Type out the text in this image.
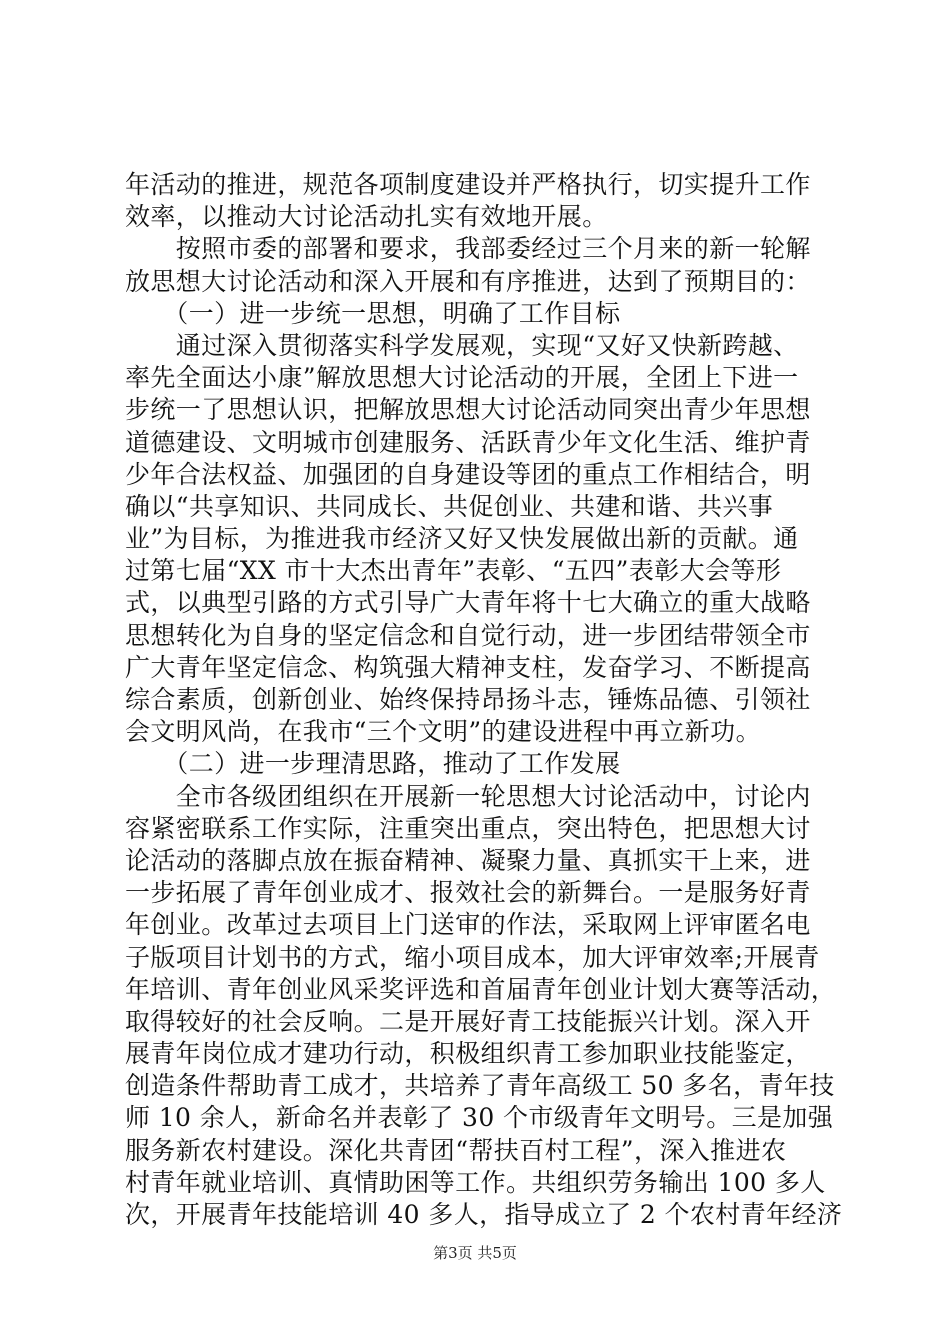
年活动的推进，规范各项制度建设并严格执行，切实提升工作
效率，以推动大讨论活动扎实有效地开展。
　　按照市委的部署和要求，我部委经过三个月来的新一轮解
放思想大讨论活动和深入开展和有序推进，达到了预期目的：
　　（一）进一步统一思想，明确了工作目标
　　通过深入贯彻落实科学发展观，实现“又好又快新跨越、
率先全面达小康”解放思想大讨论活动的开展，全团上下进一
步统一了思想认识，把解放思想大讨论活动同突出青少年思想
道德建设、文明城市创建服务、活跃青少年文化生活、维护青
少年合法权益、加强团的自身建设等团的重点工作相结合，明
确以“共享知识、共同成长、共促创业、共建和谐、共兴事
业”为目标，为推进我市经济又好又快发展做出新的贡献。通
过第七届“XX 市十大杰出青年”表彰、“五四”表彰大会等形
式，以典型引路的方式引导广大青年将十七大确立的重大战略
思想转化为自身的坚定信念和自觉行动，进一步团结带领全市
广大青年坚定信念、构筑强大精神支柱，发奋学习、不断提高
综合素质，创新创业、始终保持昂扬斗志，锤炼品德、引领社
会文明风尚，在我市“三个文明”的建设进程中再立新功。
　　（二）进一步理清思路，推动了工作发展
　　全市各级团组织在开展新一轮思想大讨论活动中，讨论内
容紧密联系工作实际，注重突出重点，突出特色，把思想大讨
论活动的落脚点放在振奋精神、凝聚力量、真抓实干上来，进
一步拓展了青年创业成才、报效社会的新舞台。一是服务好青
年创业。改革过去项目上门送审的作法，采取网上评审匿名电
子版项目计划书的方式，缩小项目成本，加大评审效率;开展青
年培训、青年创业风采奖评选和首届青年创业计划大赛等活动，
取得较好的社会反响。二是开展好青工技能振兴计划。深入开
展青年岗位成才建功行动，积极组织青工参加职业技能鉴定，
创造条件帮助青工成才，共培养了青年高级工 50 多名，青年技
师 10 余人，新命名并表彰了 30 个市级青年文明号。三是加强
服务新农村建设。深化共青团“帮扶百村工程”，深入推进农
村青年就业培训、真情助困等工作。共组织劳务输出 100 多人
次，开展青年技能培训 40 多人，指导成立了 2 个农村青年经济
第3页 共5页
